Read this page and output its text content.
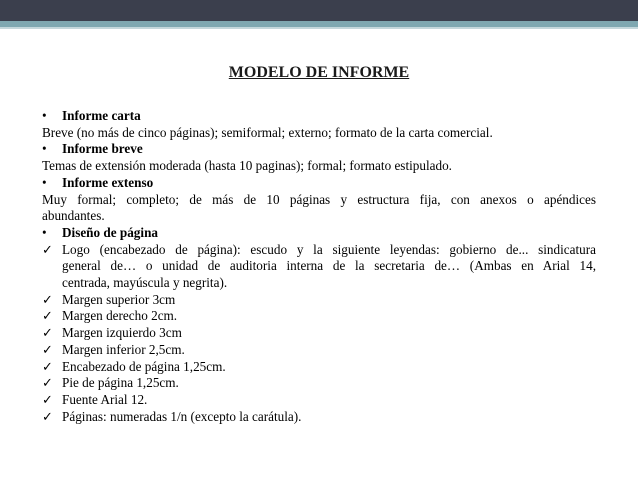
MODELO DE INFORME
• Informe carta
Breve (no más de cinco páginas); semiformal; externo; formato de la carta comercial.
• Informe breve
Temas de extensión moderada (hasta 10 paginas); formal; formato estipulado.
• Informe extenso
Muy formal; completo; de más de 10 páginas y estructura fija, con anexos o apéndices
abundantes.
• Diseño de página
✓ Logo (encabezado de página): escudo y la siguiente leyendas: gobierno de... sindicatura
general de… o unidad de auditoria interna de la secretaria de… (Ambas en Arial 14,
centrada, mayúscula y negrita).
✓ Margen superior 3cm
✓ Margen derecho 2cm.
✓ Margen izquierdo 3cm
✓ Margen inferior 2,5cm.
✓ Encabezado de página 1,25cm.
✓ Pie de página 1,25cm.
✓ Fuente Arial 12.
✓ Páginas: numeradas 1/n (excepto la carátula).
